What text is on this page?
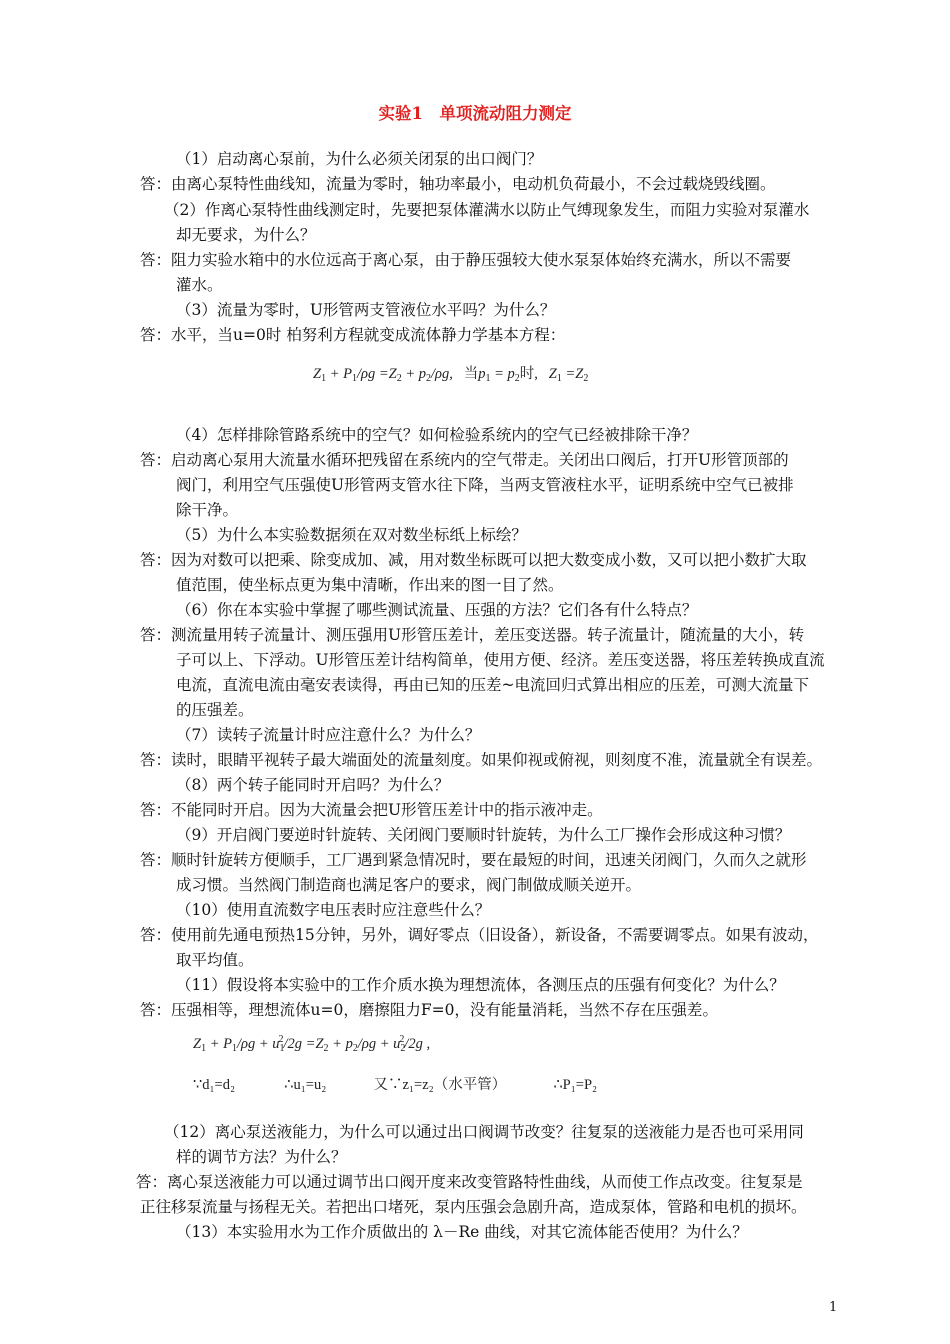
实验1　单项流动阻力测定
（1）启动离心泵前，为什么必须关闭泵的出口阀门？
答：由离心泵特性曲线知，流量为零时，轴功率最小，电动机负荷最小，不会过载烧毁线圈。
（2）作离心泵特性曲线测定时，先要把泵体灌满水以防止气缚现象发生，而阻力实验对泵灌水
却无要求，为什么？
答：阻力实验水箱中的水位远高于离心泵，由于静压强较大使水泵泵体始终充满水，所以不需要
灌水。
（3）流量为零时，U形管两支管液位水平吗？为什么？
答：水平，当u=0时 柏努利方程就变成流体静力学基本方程：
$Z_1 + P_1/\rho g =Z_2 + p_2/\rho g$,   当$p_1 = p_2$时,   $Z_1 =Z_2$
（4）怎样排除管路系统中的空气？如何检验系统内的空气已经被排除干净？
答：启动离心泵用大流量水循环把残留在系统内的空气带走。关闭出口阀后，打开U形管顶部的
阀门，利用空气压强使U形管两支管水往下降，当两支管液柱水平，证明系统中空气已被排
除干净。
（5）为什么本实验数据须在双对数坐标纸上标绘？
答：因为对数可以把乘、除变成加、减，用对数坐标既可以把大数变成小数，又可以把小数扩大取
值范围，使坐标点更为集中清晰，作出来的图一目了然。
（6）你在本实验中掌握了哪些测试流量、压强的方法？它们各有什么特点？
答：测流量用转子流量计、测压强用U形管压差计，差压变送器。转子流量计，随流量的大小，转
子可以上、下浮动。U形管压差计结构简单，使用方便、经济。差压变送器，将压差转换成直流
电流，直流电流由毫安表读得，再由已知的压差~电流回归式算出相应的压差，可测大流量下
的压强差。
（7）读转子流量计时应注意什么？为什么？
答：读时，眼睛平视转子最大端面处的流量刻度。如果仰视或俯视，则刻度不准，流量就全有误差。
（8）两个转子能同时开启吗？为什么？
答：不能同时开启。因为大流量会把U形管压差计中的指示液冲走。
（9）开启阀门要逆时针旋转、关闭阀门要顺时针旋转，为什么工厂操作会形成这种习惯？
答：顺时针旋转方便顺手，工厂遇到紧急情况时，要在最短的时间，迅速关闭阀门，久而久之就形
成习惯。当然阀门制造商也满足客户的要求，阀门制做成顺关逆开。
（10）使用直流数字电压表时应注意些什么？
答：使用前先通电预热15分钟，另外，调好零点（旧设备），新设备，不需要调零点。如果有波动，
取平均值。
（11）假设将本实验中的工作介质水换为理想流体，各测压点的压强有何变化？为什么？
答：压强相等，理想流体u=0，磨擦阻力F=0，没有能量消耗，当然不存在压强差。
$Z_1 + P_1/\rho g + u_1^2/2g =Z_2 + p_2/\rho g + u_2^2/2g$ ,
∵d₁=d₂	∴u₁=u₂	又∵z₁=z₂（水平管）	∴P₁=P₂
（12）离心泵送液能力，为什么可以通过出口阀调节改变？往复泵的送液能力是否也可采用同
样的调节方法？为什么？
答：离心泵送液能力可以通过调节出口阀开度来改变管路特性曲线，从而使工作点改变。往复泵是
正往移泵流量与扬程无关。若把出口堵死，泵内压强会急剧升高，造成泵体，管路和电机的损坏。
（13）本实验用水为工作介质做出的 λ－Re 曲线，对其它流体能否使用？为什么？
1
